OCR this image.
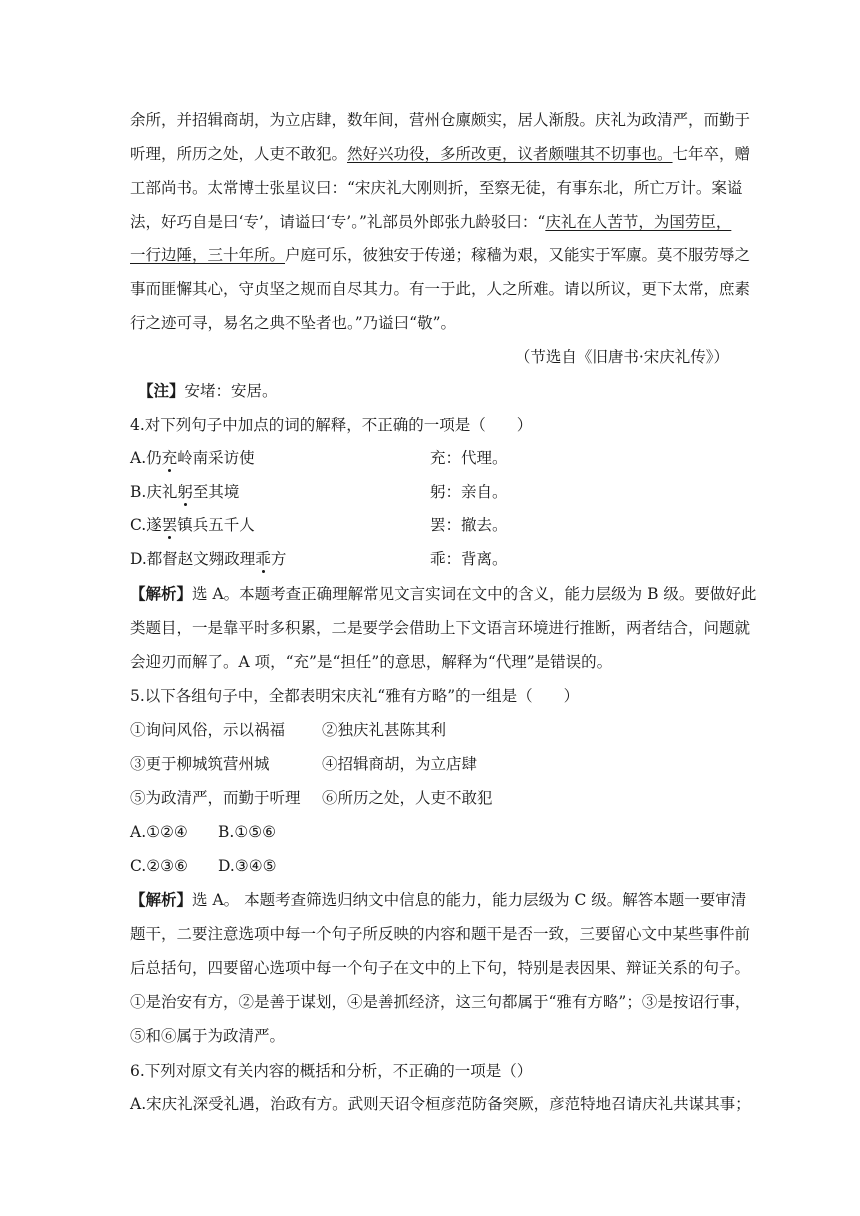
余所，并招辑商胡，为立店肆，数年间，营州仓廪颇实，居人渐殷。庆礼为政清严，而勤于
听理，所历之处，人吏不敢犯。然好兴功役，多所改更，议者颇嗤其不切事也。七年卒，赠
工部尚书。太常博士张星议曰：“宋庆礼大刚则折，至察无徒，有事东北，所亡万计。案谥
法，好巧自是曰‘专’，请谥曰‘专’。”礼部员外郎张九龄驳曰：“庆礼在人苦节，为国劳臣，
一行边陲，三十年所。户庭可乐，彼独安于传递；稼穑为艰，又能实于军廪。莫不服劳辱之
事而匪懈其心，守贞坚之规而自尽其力。有一于此，人之所难。请以所议，更下太常，庶素
行之迹可寻，易名之典不坠者也。”乃谥曰“敬”。
（节选自《旧唐书·宋庆礼传》）
【注】安堵：安居。
4.对下列句子中加点的词的解释，不正确的一项是（　　）
A.仍充岭南采访使	充：代理。
B.庆礼躬至其境	躬：亲自。
C.遂罢镇兵五千人	罢：撤去。
D.都督赵文翙政理乖方	乖：背离。
【解析】选 A。本题考查正确理解常见文言实词在文中的含义，能力层级为 B 级。要做好此
类题目，一是靠平时多积累，二是要学会借助上下文语言环境进行推断，两者结合，问题就
会迎刃而解了。A 项，“充”是“担任”的意思，解释为“代理”是错误的。
5.以下各组句子中，全都表明宋庆礼“雅有方略”的一组是（　　）
①询问风俗，示以祸福 ②独庆礼甚陈其利
③更于柳城筑营州城	④招辑商胡，为立店肆
⑤为政清严，而勤于听理 ⑥所历之处，人吏不敢犯
A.①②④ B.①⑤⑥
C.②③⑥ D.③④⑤
【解析】选 A。 本题考查筛选归纳文中信息的能力，能力层级为 C 级。解答本题一要审清
题干，二要注意选项中每一个句子所反映的内容和题干是否一致，三要留心文中某些事件前
后总括句，四要留心选项中每一个句子在文中的上下句，特别是表因果、辩证关系的句子。
①是治安有方，②是善于谋划，④是善抓经济，这三句都属于“雅有方略”；③是按诏行事，
⑤和⑥属于为政清严。
6.下列对原文有关内容的概括和分析，不正确的一项是（）
A.宋庆礼深受礼遇，治政有方。武则天诏令桓彦范防备突厥，彦范特地召请庆礼共谋其事；
